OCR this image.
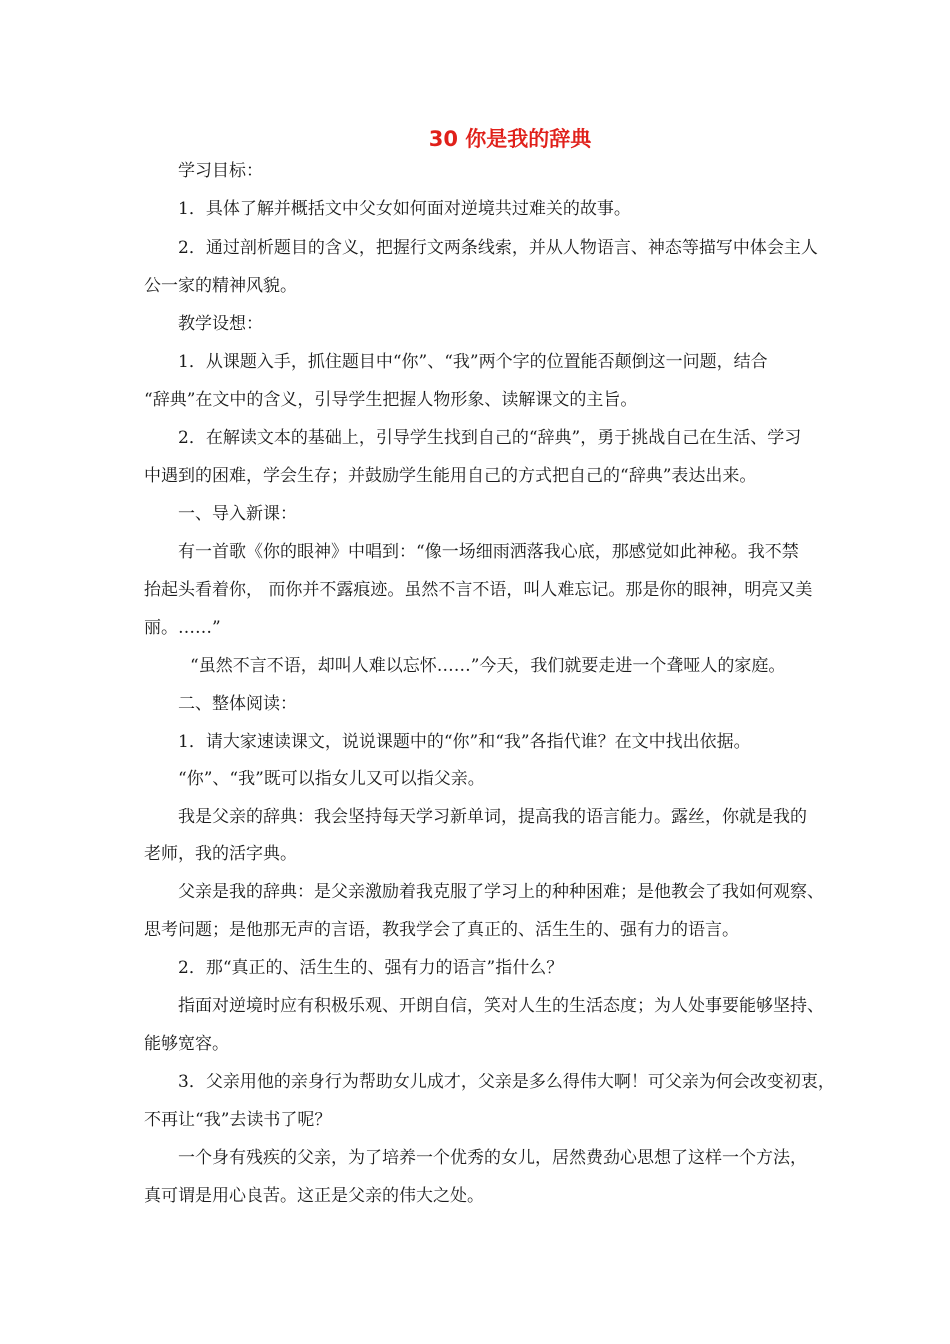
30 你是我的辞典
学习目标：
1．具体了解并概括文中父女如何面对逆境共过难关的故事。
2．通过剖析题目的含义，把握行文两条线索，并从人物语言、神态等描写中体会主人
公一家的精神风貌。
教学设想：
1．从课题入手，抓住题目中“你”、“我”两个字的位置能否颠倒这一问题，结合
“辞典”在文中的含义，引导学生把握人物形象、读解课文的主旨。
2．在解读文本的基础上，引导学生找到自己的“辞典”，勇于挑战自己在生活、学习
中遇到的困难，学会生存；并鼓励学生能用自己的方式把自己的“辞典”表达出来。
一、导入新课：
有一首歌《你的眼神》中唱到：“像一场细雨洒落我心底，那感觉如此神秘。我不禁
抬起头看着你， 而你并不露痕迹。虽然不言不语，叫人难忘记。那是你的眼神，明亮又美
丽。……”
“虽然不言不语，却叫人难以忘怀……”今天，我们就要走进一个聋哑人的家庭。
二、整体阅读：
1．请大家速读课文，说说课题中的“你”和“我”各指代谁？在文中找出依据。
“你”、“我”既可以指女儿又可以指父亲。
我是父亲的辞典：我会坚持每天学习新单词，提高我的语言能力。露丝，你就是我的
老师，我的活字典。
父亲是我的辞典：是父亲激励着我克服了学习上的种种困难；是他教会了我如何观察、
思考问题；是他那无声的言语，教我学会了真正的、活生生的、强有力的语言。
2．那“真正的、活生生的、强有力的语言”指什么？
指面对逆境时应有积极乐观、开朗自信，笑对人生的生活态度；为人处事要能够坚持、
能够宽容。
3．父亲用他的亲身行为帮助女儿成才，父亲是多么得伟大啊！可父亲为何会改变初衷，
不再让“我”去读书了呢？
一个身有残疾的父亲，为了培养一个优秀的女儿，居然费劲心思想了这样一个方法，
真可谓是用心良苦。这正是父亲的伟大之处。
